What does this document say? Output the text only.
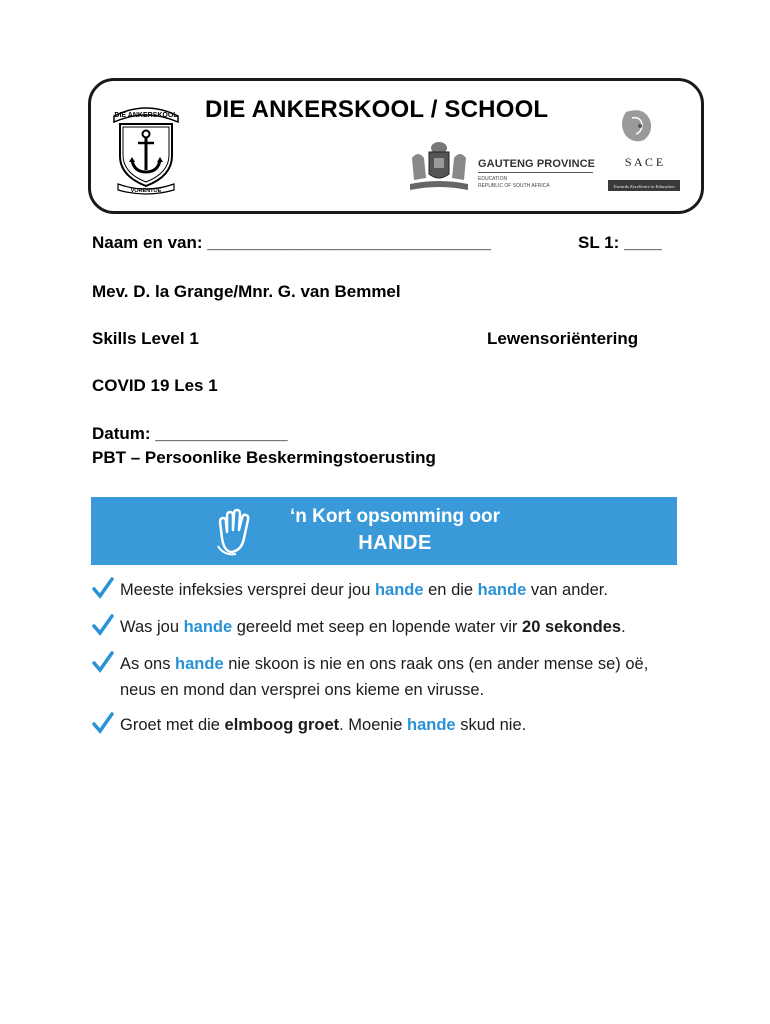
DIE ANKERSKOOL
VORENTOE
DIE ANKERSKOOL / SCHOOL
GAUTENG PROVINCE
EDUCATION
REPUBLIC OF SOUTH AFRICA
S A C E
Towards Excellence in Education
Naam en van: ______________________________	SL 1: ____
Mev. D. la Grange/Mnr. G. van Bemmel
Skills Level 1	Lewensoriëntering
COVID 19 Les 1
Datum: ______________
PBT – Persoonlike Beskermingstoerusting
‘n Kort opsomming oor
HANDE
Meeste infeksies versprei deur jou hande en die hande van ander.
Was jou hande gereeld met seep en lopende water vir 20 sekondes.
As ons hande nie skoon is nie en ons raak ons (en ander mense se) oë, neus en mond dan versprei ons kieme en virusse.
Groet met die elmboog groet. Moenie hande skud nie.
